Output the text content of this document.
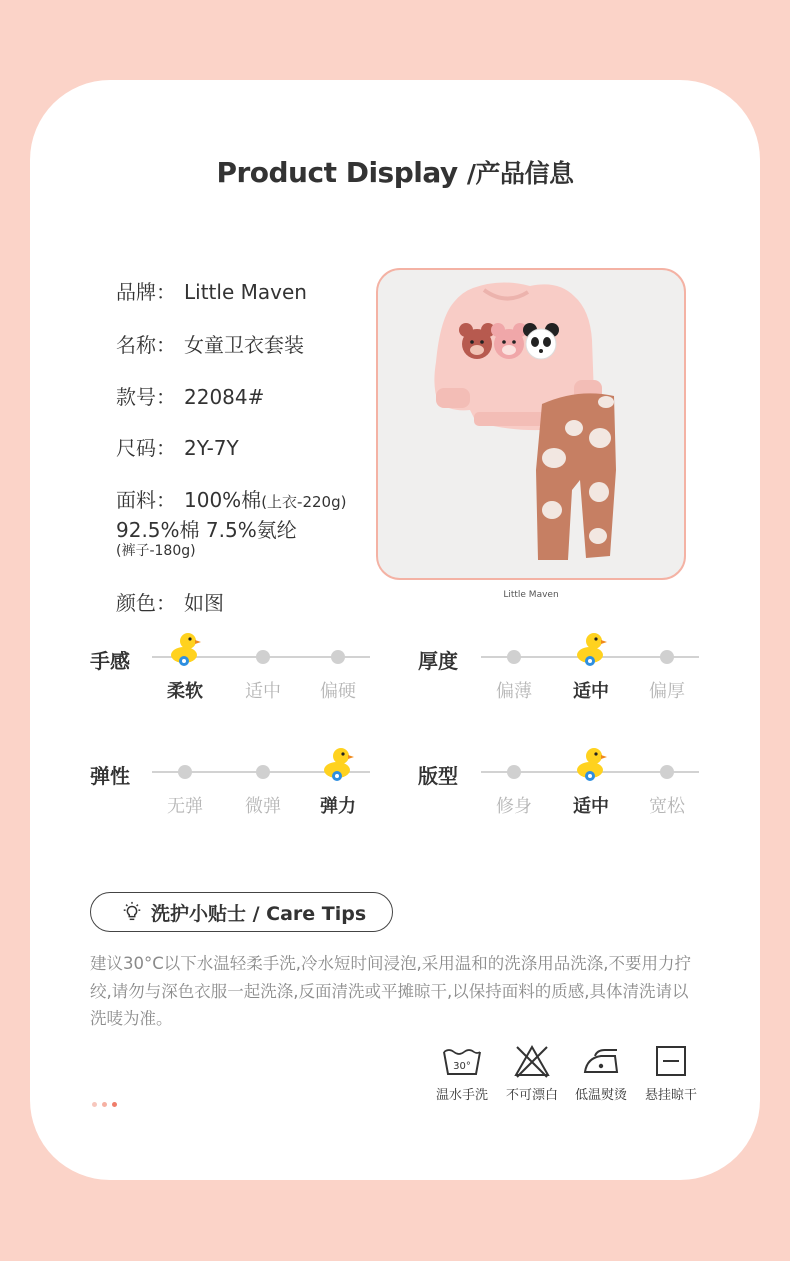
Product Display /产品信息
品牌： Little Maven
名称： 女童卫衣套装
款号： 22084#
尺码： 2Y-7Y
面料： 100%棉(上衣-220g)
92.5%棉 7.5%氨纶
(裤子-180g)
颜色： 如图	Little Maven
手感	厚度
弹性	版型
柔软	适中	偏硬	偏薄	适中	偏厚
无弹	微弹	弹力	修身	适中	宽松
洗护小贴士 / Care Tips
建议30°C以下水温轻柔手洗,冷水短时间浸泡,采用温和的洗涤用品洗涤,不要用力拧绞,请勿与深色衣服一起洗涤,反面清洗或平摊晾干,以保持面料的质感,具体清洗请以洗唛为准。
30°
温水手洗	不可漂白	低温熨烫	悬挂晾干
